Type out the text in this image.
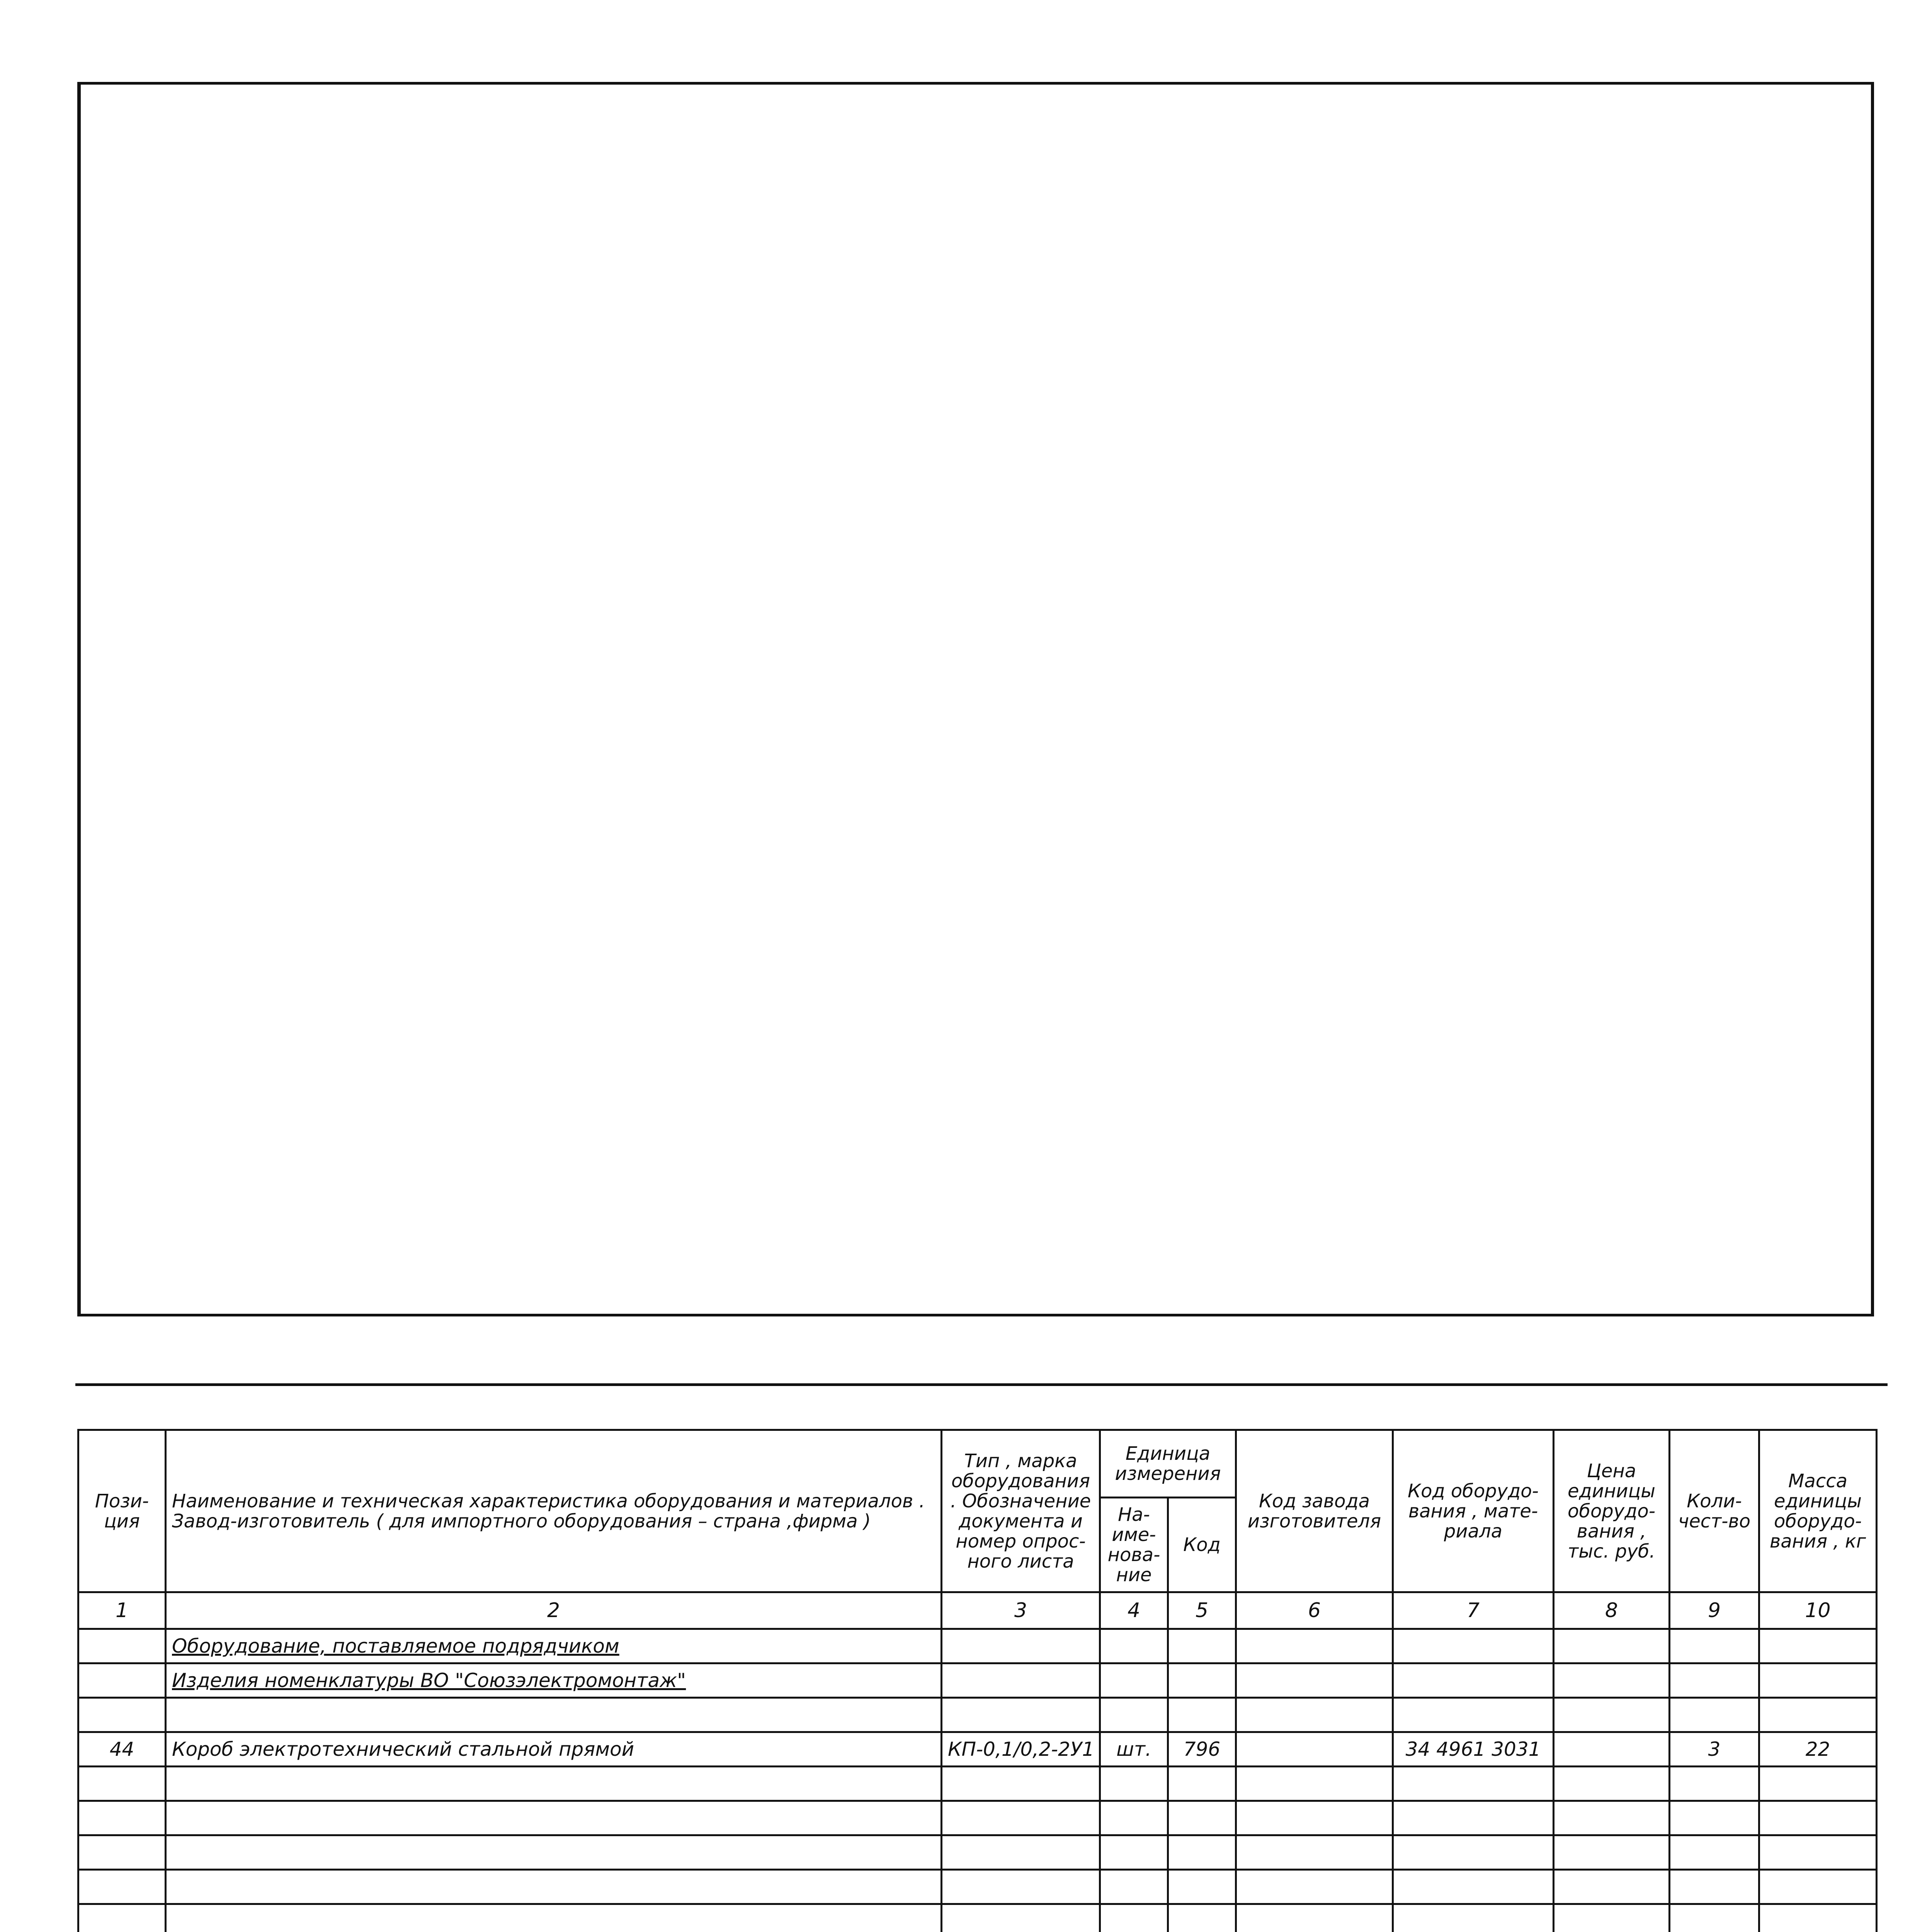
Пози-ция	Наименование и техническая характеристика оборудования и материалов . Завод-изготовитель ( для импортного оборудования – страна ,фирма )	Тип , марка оборудования . Обозначение документа и номер опрос-ного листа	Единица измерения		Код завода изготовителя	Код оборудо-вания , мате-риала	Цена единицы оборудо-вания , тыс. руб.	Коли-чест-во	Масса единицы оборудо-вания , кг
			На-име-нова-ние	Код					
1	2	3	4	5	6	7	8	9	10
	Оборудование, поставляемое подрядчиком								
	Изделия номенклатуры ВО "Союзэлектромонтаж"								

44	Короб электротехнический стальной прямой	КП-0,1/0,2-2У1	шт.	796		34 4961 3031		3	22
